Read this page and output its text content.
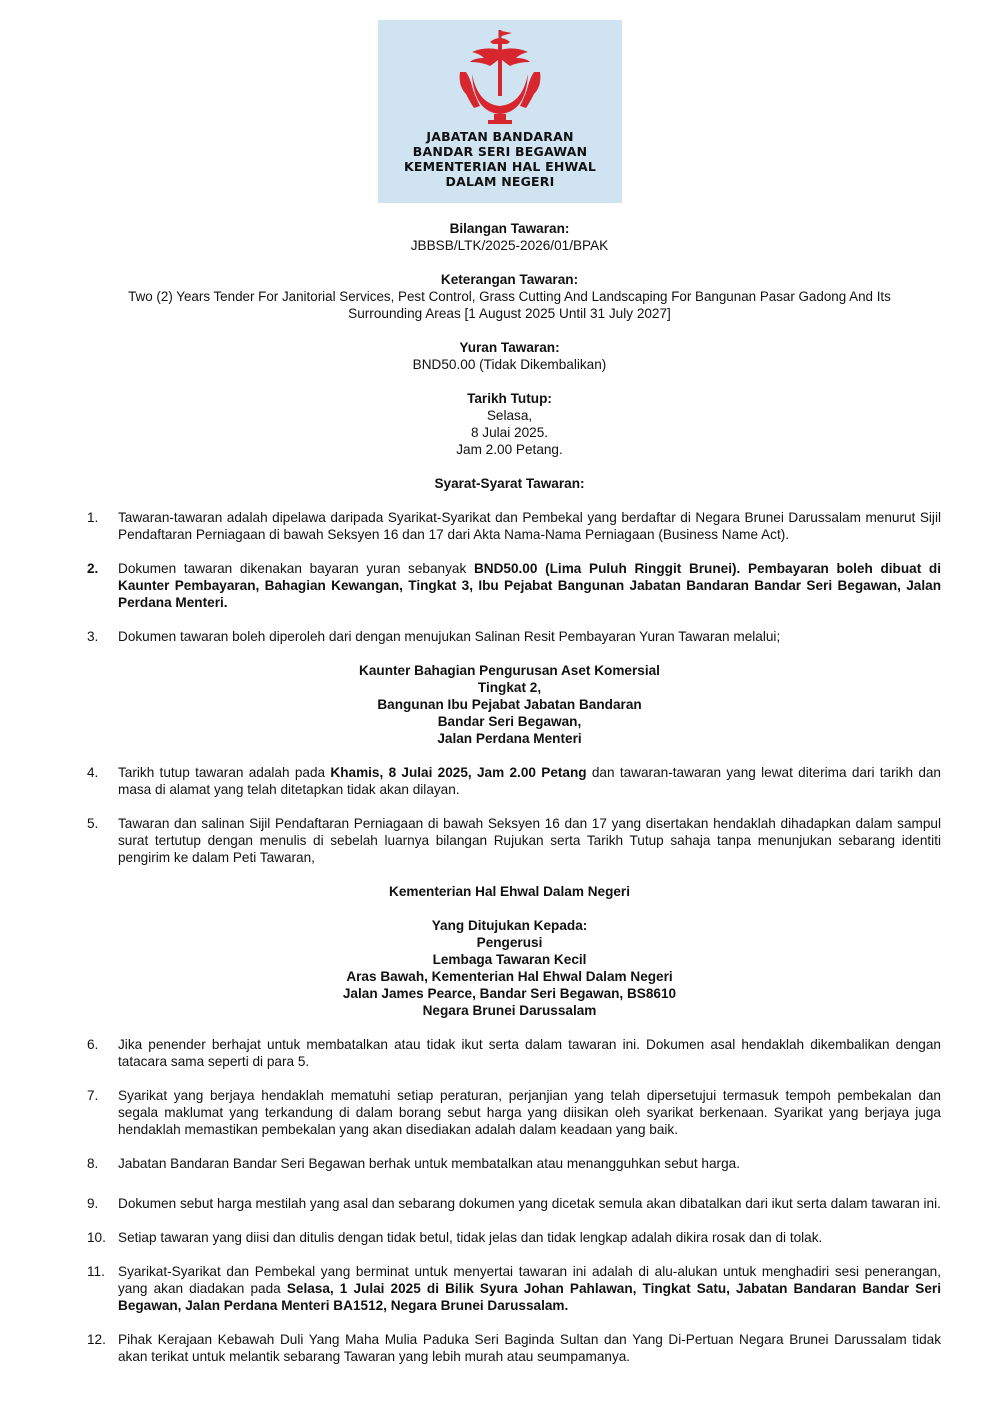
JABATAN BANDARAN
BANDAR SERI BEGAWAN
KEMENTERIAN HAL EHWAL
DALAM NEGERI
Bilangan Tawaran:
JBBSB/LTK/2025-2026/01/BPAK
Keterangan Tawaran:
Two (2) Years Tender For Janitorial Services, Pest Control, Grass Cutting And Landscaping For Bangunan Pasar Gadong And Its
Surrounding Areas [1 August 2025 Until 31 July 2027]
Yuran Tawaran:
BND50.00 (Tidak Dikembalikan)
Tarikh Tutup:
Selasa,
8 Julai 2025.
Jam 2.00 Petang.
Syarat-Syarat Tawaran:
1. Tawaran-tawaran adalah dipelawa daripada Syarikat-Syarikat dan Pembekal yang berdaftar di Negara Brunei Darussalam menurut Sijil Pendaftaran Perniagaan di bawah Seksyen 16 dan 17 dari Akta Nama-Nama Perniagaan (Business Name Act).
2. Dokumen tawaran dikenakan bayaran yuran sebanyak BND50.00 (Lima Puluh Ringgit Brunei). Pembayaran boleh dibuat di Kaunter Pembayaran, Bahagian Kewangan, Tingkat 3, Ibu Pejabat Bangunan Jabatan Bandaran Bandar Seri Begawan, Jalan Perdana Menteri.
3. Dokumen tawaran boleh diperoleh dari dengan menujukan Salinan Resit Pembayaran Yuran Tawaran melalui;
Kaunter Bahagian Pengurusan Aset Komersial
Tingkat 2,
Bangunan Ibu Pejabat Jabatan Bandaran
Bandar Seri Begawan,
Jalan Perdana Menteri
4. Tarikh tutup tawaran adalah pada Khamis, 8 Julai 2025, Jam 2.00 Petang dan tawaran-tawaran yang lewat diterima dari tarikh dan masa di alamat yang telah ditetapkan tidak akan dilayan.
5. Tawaran dan salinan Sijil Pendaftaran Perniagaan di bawah Seksyen 16 dan 17 yang disertakan hendaklah dihadapkan dalam sampul surat tertutup dengan menulis di sebelah luarnya bilangan Rujukan serta Tarikh Tutup sahaja tanpa menunjukan sebarang identiti pengirim ke dalam Peti Tawaran,
Kementerian Hal Ehwal Dalam Negeri
Yang Ditujukan Kepada:
Pengerusi
Lembaga Tawaran Kecil
Aras Bawah, Kementerian Hal Ehwal Dalam Negeri
Jalan James Pearce, Bandar Seri Begawan, BS8610
Negara Brunei Darussalam
6. Jika penender berhajat untuk membatalkan atau tidak ikut serta dalam tawaran ini. Dokumen asal hendaklah dikembalikan dengan tatacara sama seperti di para 5.
7. Syarikat yang berjaya hendaklah mematuhi setiap peraturan, perjanjian yang telah dipersetujui termasuk tempoh pembekalan dan segala maklumat yang terkandung di dalam borang sebut harga yang diisikan oleh syarikat berkenaan. Syarikat yang berjaya juga hendaklah memastikan pembekalan yang akan disediakan adalah dalam keadaan yang baik.
8. Jabatan Bandaran Bandar Seri Begawan berhak untuk membatalkan atau menangguhkan sebut harga.
9. Dokumen sebut harga mestilah yang asal dan sebarang dokumen yang dicetak semula akan dibatalkan dari ikut serta dalam tawaran ini.
10. Setiap tawaran yang diisi dan ditulis dengan tidak betul, tidak jelas dan tidak lengkap adalah dikira rosak dan di tolak.
11. Syarikat-Syarikat dan Pembekal yang berminat untuk menyertai tawaran ini adalah di alu-alukan untuk menghadiri sesi penerangan, yang akan diadakan pada Selasa, 1 Julai 2025 di Bilik Syura Johan Pahlawan, Tingkat Satu, Jabatan Bandaran Bandar Seri Begawan, Jalan Perdana Menteri BA1512, Negara Brunei Darussalam.
12. Pihak Kerajaan Kebawah Duli Yang Maha Mulia Paduka Seri Baginda Sultan dan Yang Di-Pertuan Negara Brunei Darussalam tidak akan terikat untuk melantik sebarang Tawaran yang lebih murah atau seumpamanya.
